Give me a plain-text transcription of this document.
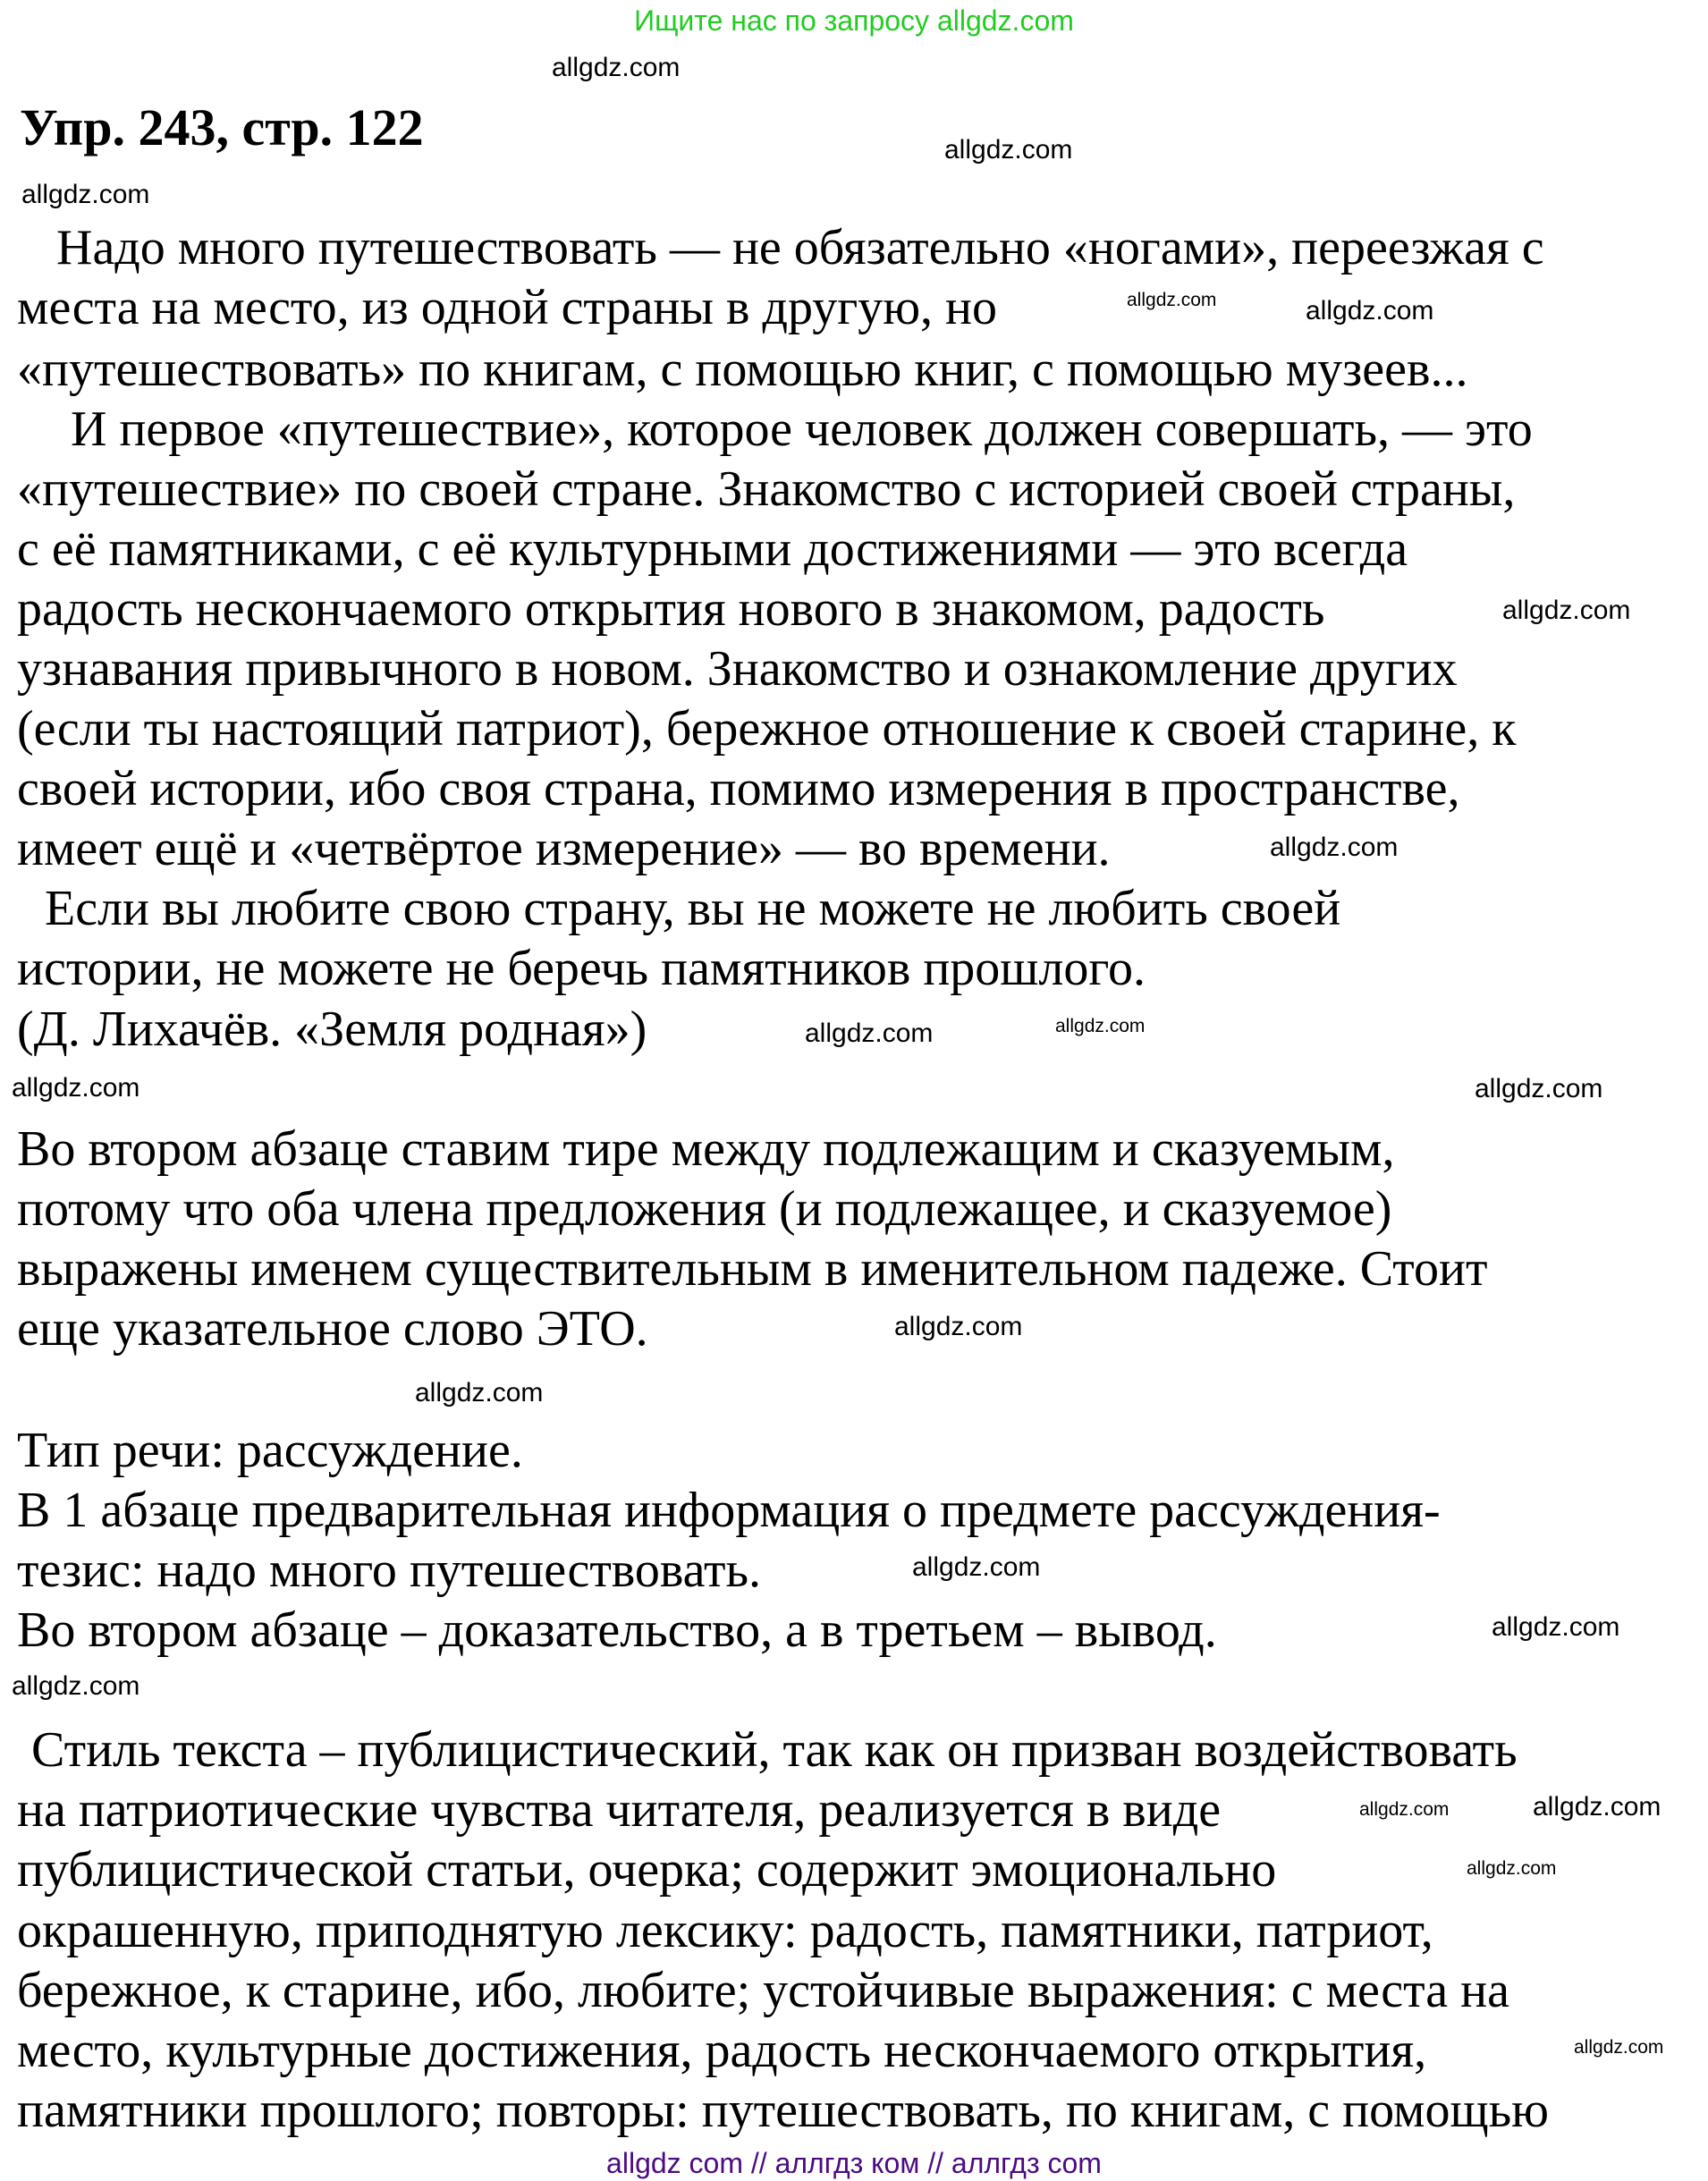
Ищите нас по запросу allgdz.com
Упр. 243, стр. 122
Надо много путешествовать — не обязательно «ногами», переезжая с
места на место, из одной страны в другую, но
«путешествовать» по книгам, с помощью книг, с помощью музеев...
И первое «путешествие», которое человек должен совершать, — это
«путешествие» по своей стране. Знакомство с историей своей страны,
с её памятниками, с её культурными достижениями — это всегда
радость нескончаемого открытия нового в знакомом, радость
узнавания привычного в новом. Знакомство и ознакомление других
(если ты настоящий патриот), бережное отношение к своей старине, к
своей истории, ибо своя страна, помимо измерения в пространстве,
имеет ещё и «четвёртое измерение» — во времени.
Если вы любите свою страну, вы не можете не любить своей
истории, не можете не беречь памятников прошлого.
(Д. Лихачёв. «Земля родная»)
Во втором абзаце ставим тире между подлежащим и сказуемым,
потому что оба члена предложения (и подлежащее, и сказуемое)
выражены именем существительным в именительном падеже. Стоит
еще указательное слово ЭТО.
Тип речи: рассуждение.
В 1 абзаце предварительная информация о предмете рассуждения-
тезис: надо много путешествовать.
Во втором абзаце – доказательство, а в третьем – вывод.
Стиль текста – публицистический, так как он призван воздействовать
на патриотические чувства читателя, реализуется в виде
публицистической статьи, очерка; содержит эмоционально
окрашенную, приподнятую лексику: радость, памятники, патриот,
бережное, к старине, ибо, любите; устойчивые выражения: с места на
место, культурные достижения, радость нескончаемого открытия,
памятники прошлого; повторы: путешествовать, по книгам, с помощью
allgdz.com
allgdz.com
allgdz.com
allgdz.com
allgdz.com
allgdz.com
allgdz.com
allgdz.com
allgdz.com
allgdz.com	allgdz.com
allgdz.com
allgdz.com
allgdz.com
allgdz.com
allgdz.com
allgdz.com
allgdz.com
allgdz.com
allgdz.com
allgdz com // аллгдз ком // аллгдз com
